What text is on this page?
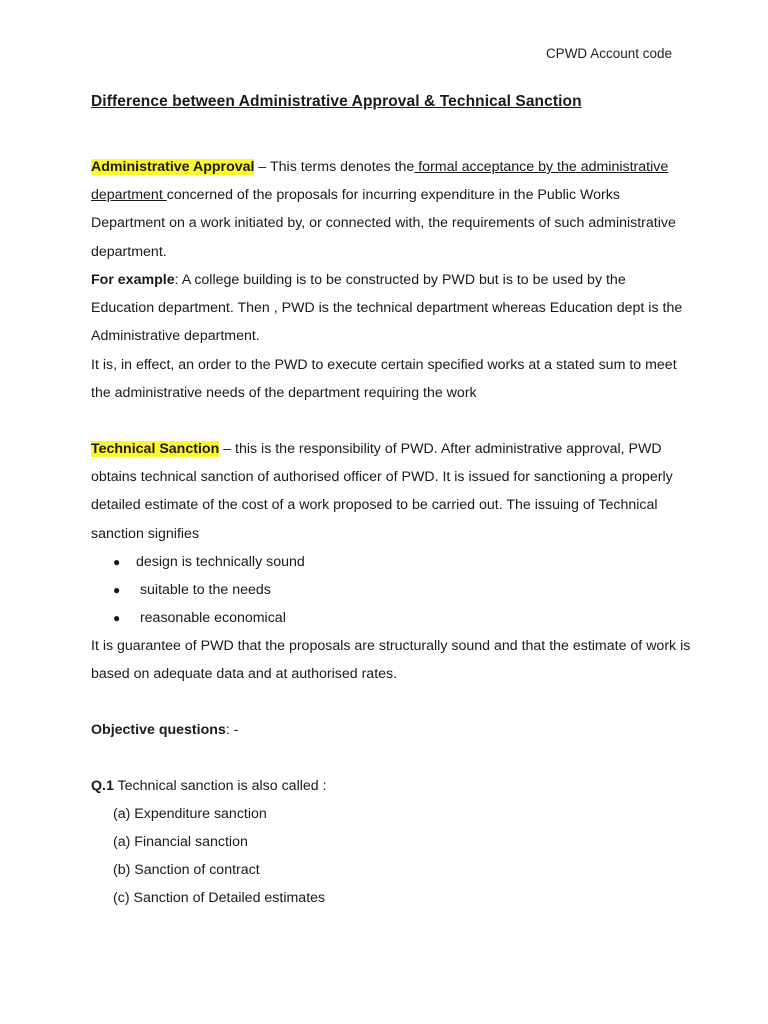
CPWD Account code
Difference between Administrative Approval & Technical Sanction

Administrative Approval – This terms denotes the formal acceptance by the administrative department concerned of the proposals for incurring expenditure in the Public Works Department on a work initiated by, or connected with, the requirements of such administrative department.

For example: A college building is to be constructed by PWD but is to be used by the Education department. Then , PWD is the technical department whereas Education dept is the Administrative department.

It is, in effect, an order to the PWD to execute certain specified works at a stated sum to meet the administrative needs of the department requiring the work

Technical Sanction – this is the responsibility of PWD. After administrative approval, PWD obtains technical sanction of authorised officer of PWD. It is issued for sanctioning a properly detailed estimate of the cost of a work proposed to be carried out. The issuing of Technical sanction signifies

● design is technically sound
● suitable to the needs
● reasonable economical

It is guarantee of PWD that the proposals are structurally sound and that the estimate of work is based on adequate data and at authorised rates.

Objective questions: -

Q.1 Technical sanction is also called :

(a) Expenditure sanction
(a) Financial sanction
(b) Sanction of contract
(c) Sanction of Detailed estimates
